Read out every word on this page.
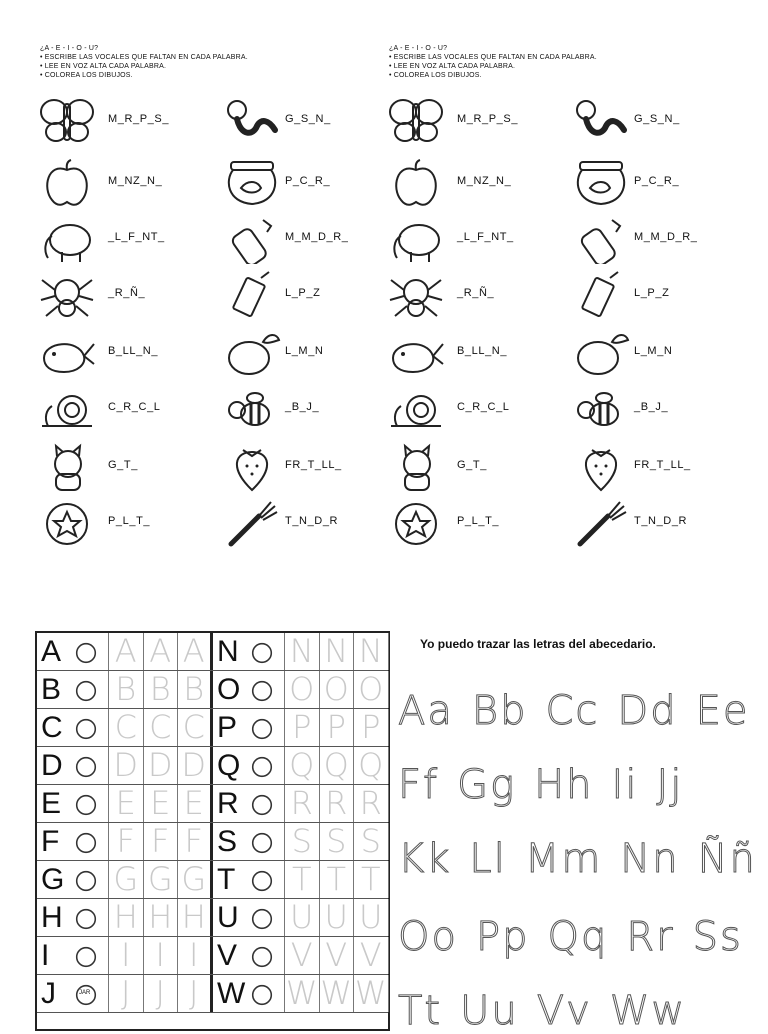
¿A - E - I - O - U?
• ESCRIBE LAS VOCALES QUE FALTAN EN CADA PALABRA.
• LEE EN VOZ ALTA CADA PALABRA.
• COLOREA LOS DIBUJOS.
M_R_P_S_
M_NZ_N_
_L_F_NT_
_R_Ñ_
B_LL_N_
C_R_C_L
G_T_
P_L_T_
G_S_N_
P_C_R_
M_M_D_R_
L_P_Z
L_M_N
_B_J_
FR_T_LL_
T_N_D_R
¿A - E - I - O - U?
• ESCRIBE LAS VOCALES QUE FALTAN EN CADA PALABRA.
• LEE EN VOZ ALTA CADA PALABRA.
• COLOREA LOS DIBUJOS.
M_R_P_S_
M_NZ_N_
_L_F_NT_
_R_Ñ_
B_LL_N_
C_R_C_L
G_T_
P_L_T_
G_S_N_
P_C_R_
M_M_D_R_
L_P_Z
L_M_N
_B_J_
FR_T_LL_
T_N_D_R
A A A A N N N N
B B B B O O O O
C C C C P P P P
D D D D Q Q Q Q
E E E E R R R R
F F F F S S S S
G G G G T T T T
H H H H U U U U
I	I I I V V V V
J	JAR J J J W W W W
Yo puedo trazar las letras del abecedario.
Aa Bb Cc Dd Ee
Ff Gg Hh Ii Jj
Kk Ll Mm Nn Ññ
Oo Pp Qq Rr Ss
Tt Uu Vv Ww
